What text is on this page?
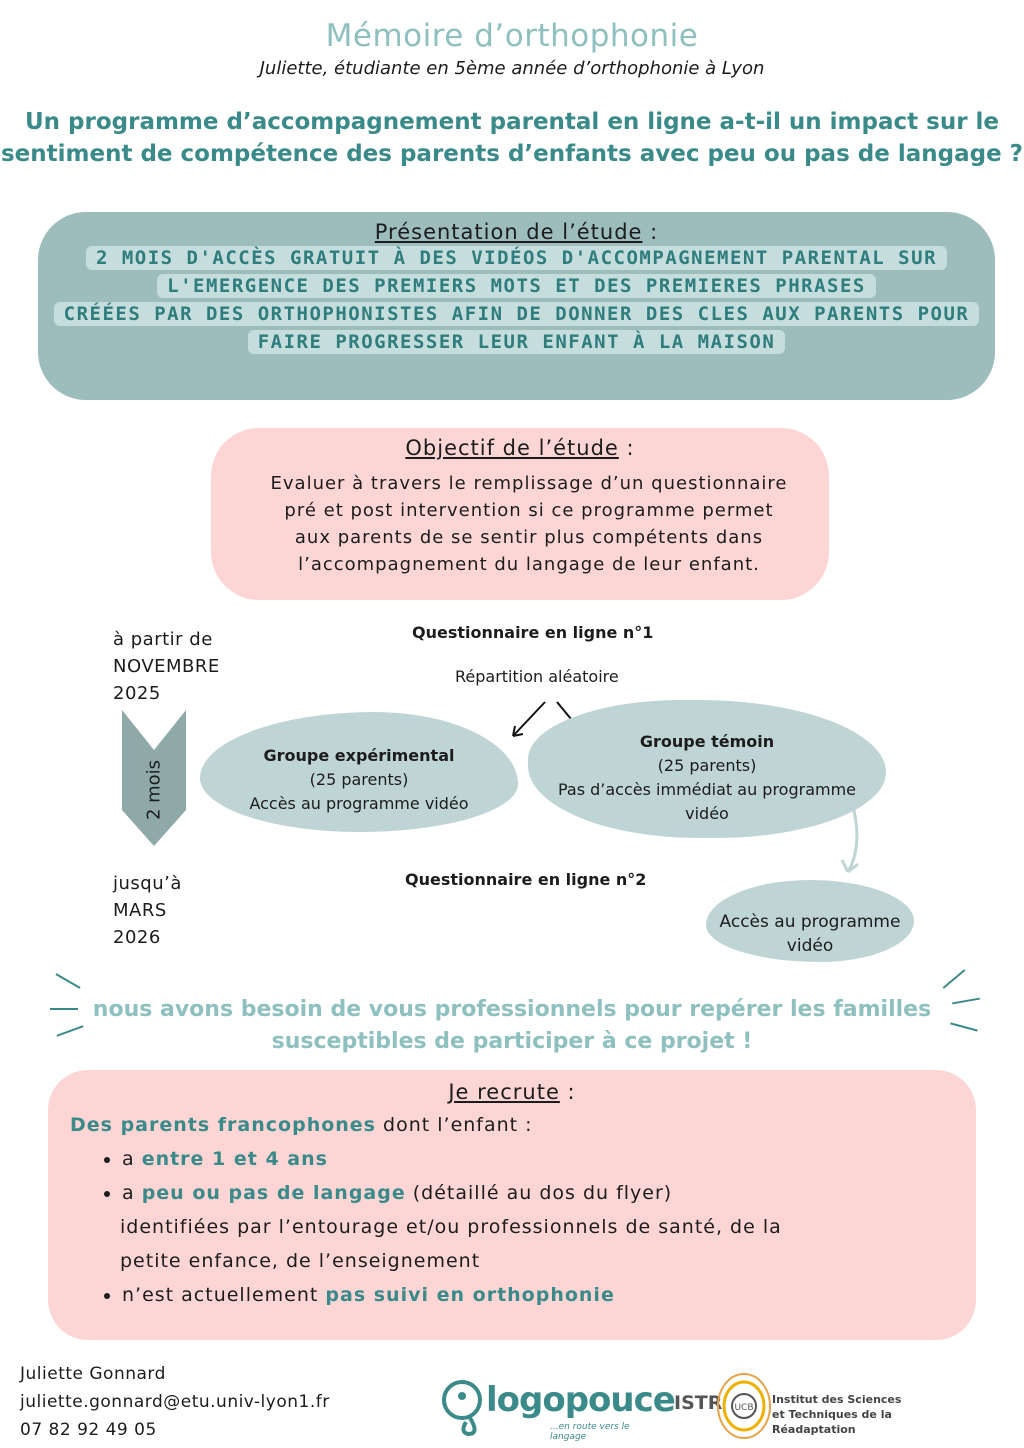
Mémoire d’orthophonie
Juliette, étudiante en 5ème année d’orthophonie à Lyon
Un programme d’accompagnement parental en ligne a-t-il un impact sur le
sentiment de compétence des parents d’enfants avec peu ou pas de langage ?
Présentation de l’étude :
2 MOIS D'ACCÈS GRATUIT À DES VIDÉOS D'ACCOMPAGNEMENT PARENTAL SUR
L'EMERGENCE DES PREMIERS MOTS ET DES PREMIERES PHRASES
CRÉÉES PAR DES ORTHOPHONISTES AFIN DE DONNER DES CLES AUX PARENTS POUR
FAIRE PROGRESSER LEUR ENFANT À LA MAISON
Objectif de l’étude :

Evaluer à travers le remplissage d’un questionnaire
pré et post intervention si ce programme permet
aux parents de se sentir plus compétents dans
l’accompagnement du langage de leur enfant.

à partir de
NOVEMBRE
2025
2 mois
jusqu’à
MARS
2026
Questionnaire en ligne n°1
Répartition aléatoire
Groupe expérimental
(25 parents)
Accès au programme vidéo
Groupe témoin
(25 parents)
Pas d’accès immédiat au programme
vidéo
Questionnaire en ligne n°2
Accès au programme
vidéo
nous avons besoin de vous professionnels pour repérer les familles
susceptibles de participer à ce projet !
Je recrute :
Des parents francophones dont l’enfant :
a entre 1 et 4 ans
a peu ou pas de langage (détaillé au dos du flyer)
identifiées par l’entourage et/ou professionnels de santé, de la
petite enfance, de l’enseignement
n’est actuellement pas suivi en orthophonie
Juliette Gonnard
juliette.gonnard@etu.univ-lyon1.fr
07 82 92 49 05
logopouce
...en route vers le langage
ISTR UCB
Institut des Sciences
et Techniques de la Réadaptation
